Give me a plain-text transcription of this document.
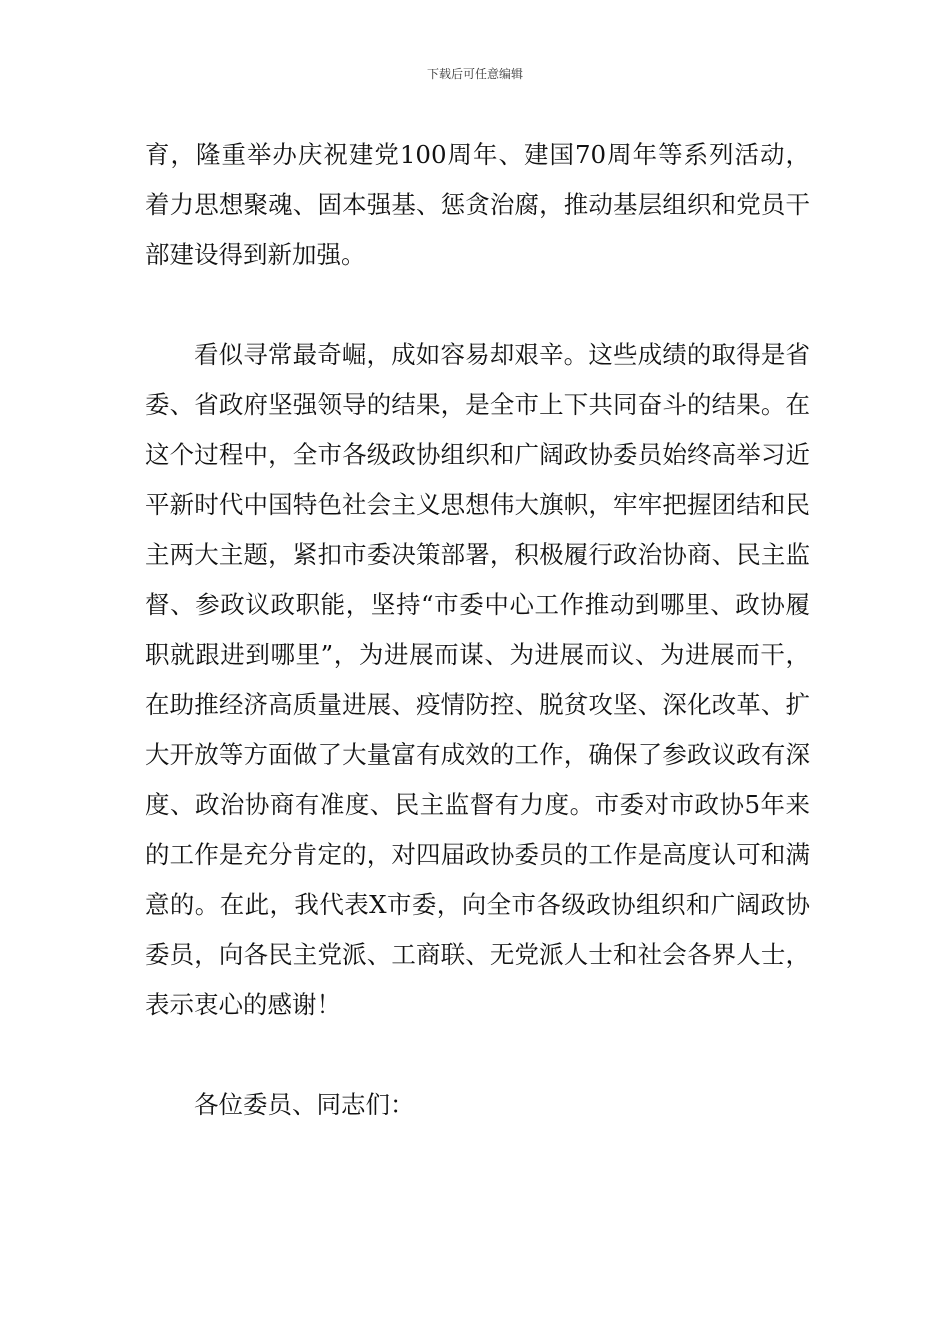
下载后可任意编辑

育，隆重举办庆祝建党100周年、建国70周年等系列活动，着力思想聚魂、固本强基、惩贪治腐，推动基层组织和党员干部建设得到新加强。

看似寻常最奇崛，成如容易却艰辛。这些成绩的取得是省委、省政府坚强领导的结果，是全市上下共同奋斗的结果。在这个过程中，全市各级政协组织和广阔政协委员始终高举习近平新时代中国特色社会主义思想伟大旗帜，牢牢把握团结和民主两大主题，紧扣市委决策部署，积极履行政治协商、民主监督、参政议政职能，坚持“市委中心工作推动到哪里、政协履职就跟进到哪里”，为进展而谋、为进展而议、为进展而干，在助推经济高质量进展、疫情防控、脱贫攻坚、深化改革、扩大开放等方面做了大量富有成效的工作，确保了参政议政有深度、政治协商有准度、民主监督有力度。市委对市政协5年来的工作是充分肯定的，对四届政协委员的工作是高度认可和满意的。在此，我代表X市委，向全市各级政协组织和广阔政协委员，向各民主党派、工商联、无党派人士和社会各界人士，表示衷心的感谢！

各位委员、同志们：
